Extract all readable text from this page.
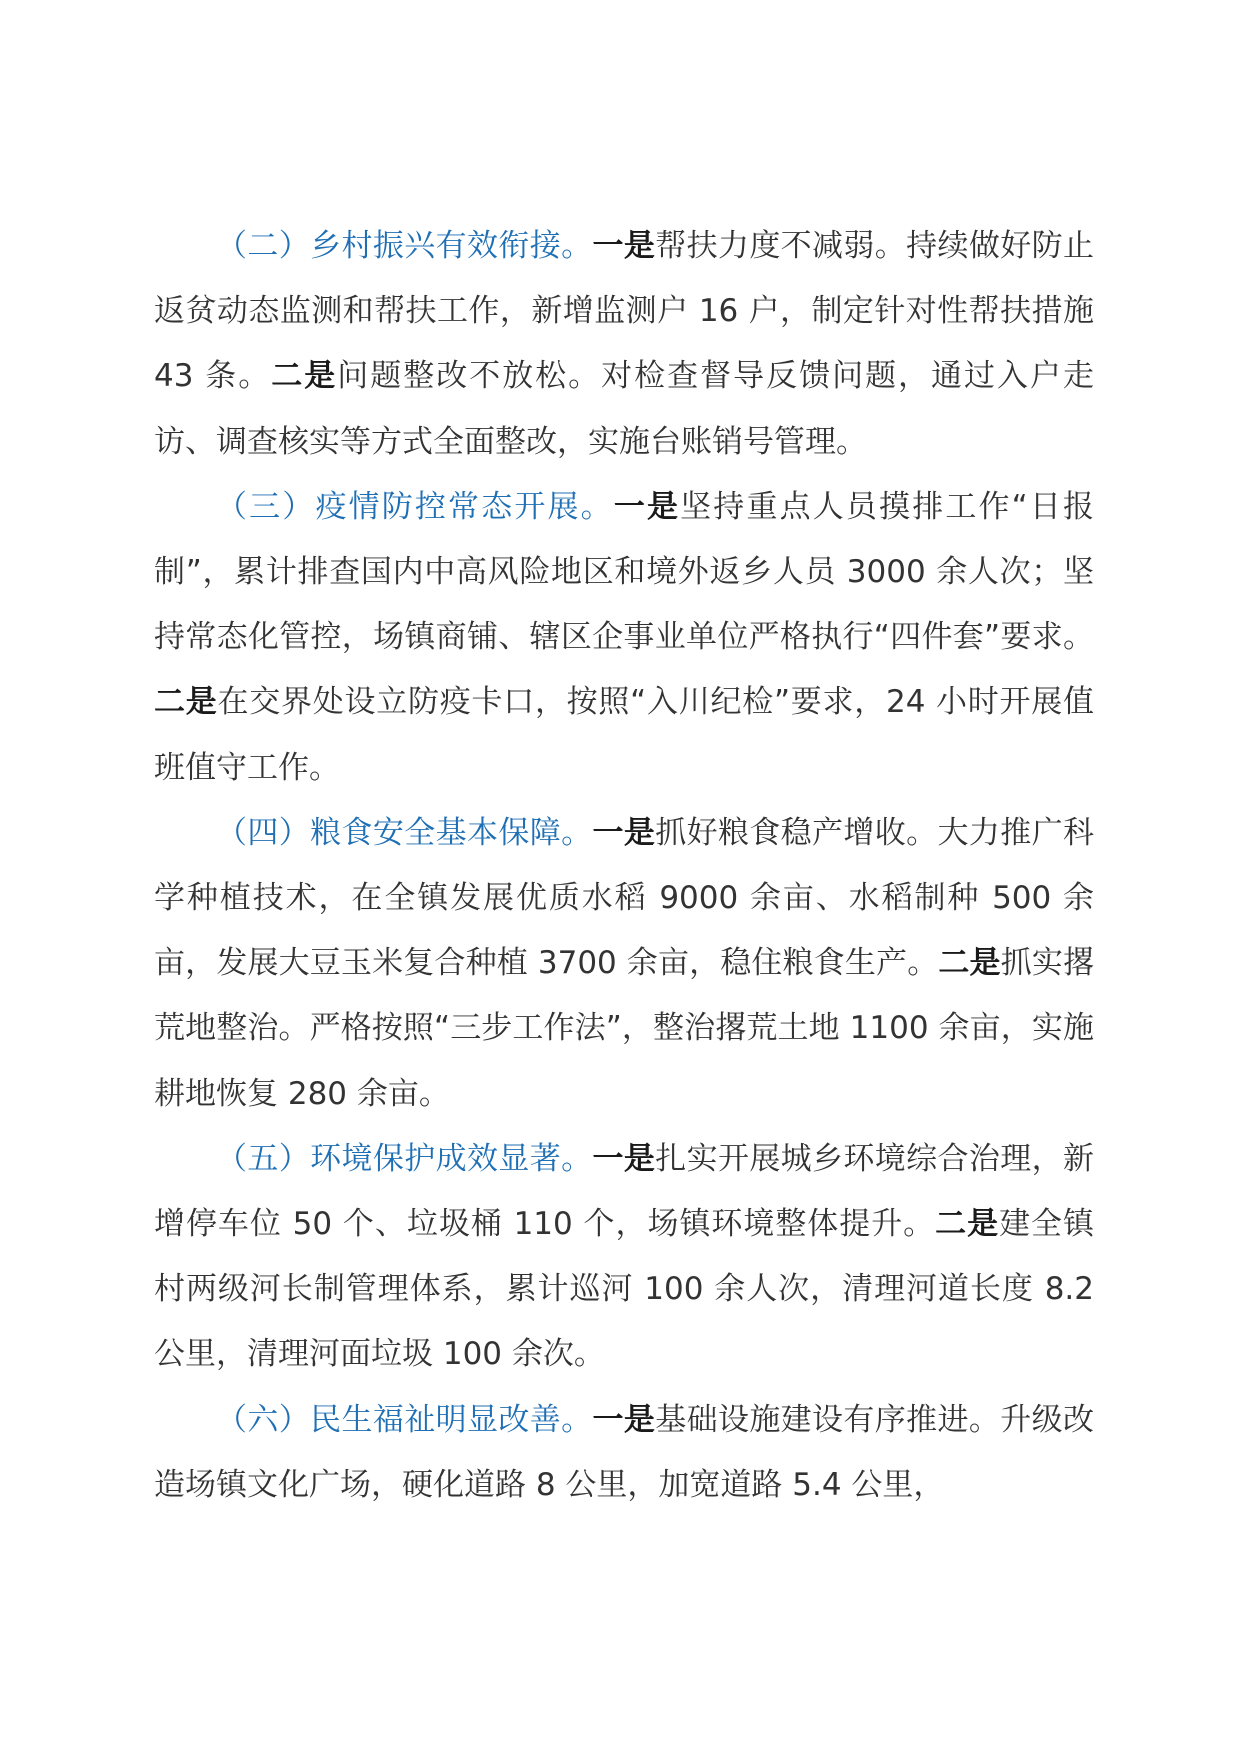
（二）乡村振兴有效衔接。一是帮扶力度不减弱。持续做好防止返贫动态监测和帮扶工作，新增监测户 16 户，制定针对性帮扶措施 43 条。二是问题整改不放松。对检查督导反馈问题，通过入户走访、调查核实等方式全面整改，实施台账销号管理。

（三）疫情防控常态开展。一是坚持重点人员摸排工作“日报制”，累计排查国内中高风险地区和境外返乡人员 3000 余人次；坚持常态化管控，场镇商铺、辖区企事业单位严格执行“四件套”要求。二是在交界处设立防疫卡口，按照“入川纪检”要求，24 小时开展值班值守工作。

（四）粮食安全基本保障。一是抓好粮食稳产增收。大力推广科学种植技术，在全镇发展优质水稻 9000 余亩、水稻制种 500 余亩，发展大豆玉米复合种植 3700 余亩，稳住粮食生产。二是抓实撂荒地整治。严格按照“三步工作法”，整治撂荒土地 1100 余亩，实施耕地恢复 280 余亩。

（五）环境保护成效显著。一是扎实开展城乡环境综合治理，新增停车位 50 个、垃圾桶 110 个，场镇环境整体提升。二是建全镇村两级河长制管理体系，累计巡河 100 余人次，清理河道长度 8.2 公里，清理河面垃圾 100 余次。

（六）民生福祉明显改善。一是基础设施建设有序推进。升级改造场镇文化广场，硬化道路 8 公里，加宽道路 5.4 公里，
